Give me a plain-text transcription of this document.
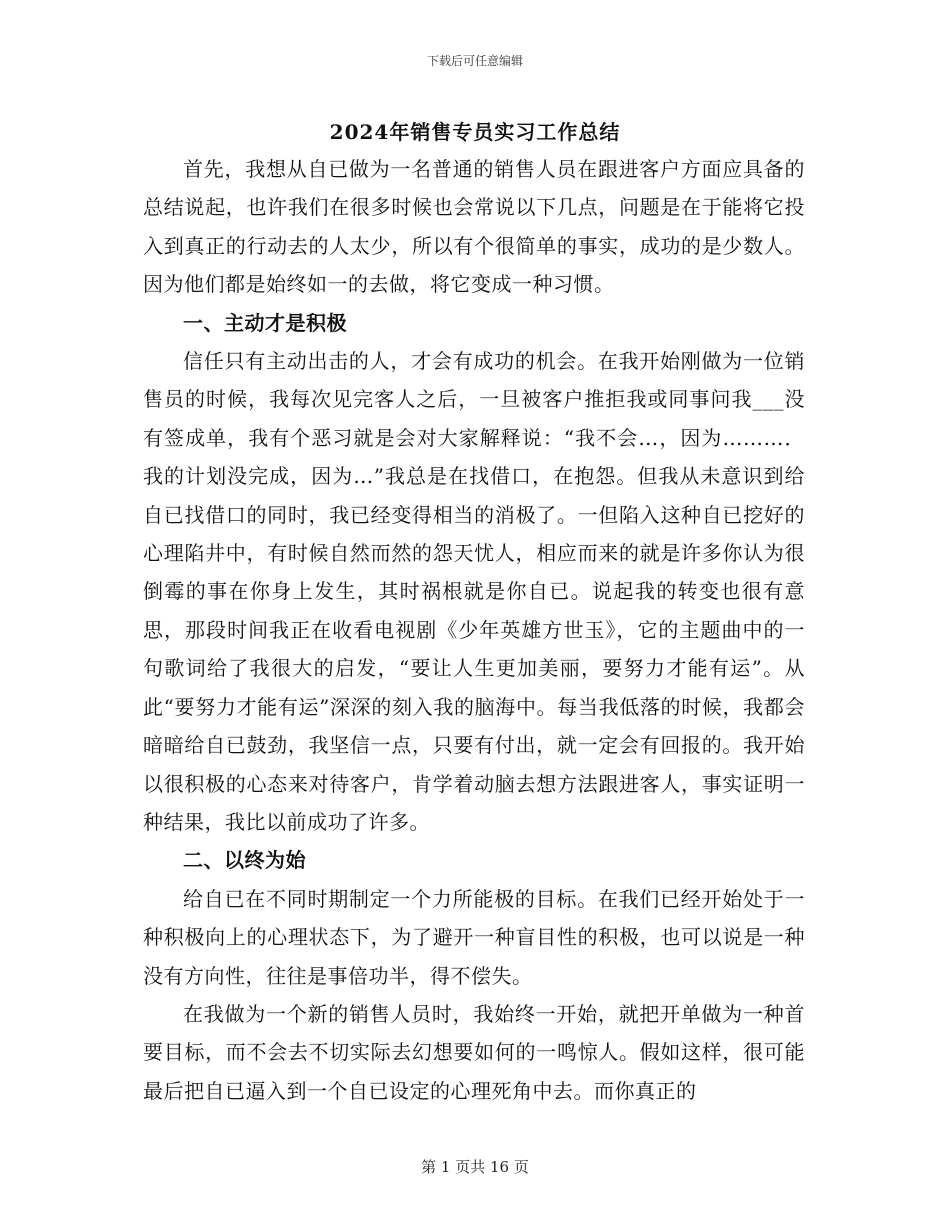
下载后可任意编辑
2024年销售专员实习工作总结

首先，我想从自已做为一名普通的销售人员在跟进客户方面应具备的总结说起，也许我们在很多时候也会常说以下几点，问题是在于能将它投入到真正的行动去的人太少，所以有个很简单的事实，成功的是少数人。因为他们都是始终如一的去做，将它变成一种习惯。

一、主动才是积极

信任只有主动出击的人，才会有成功的机会。在我开始刚做为一位销售员的时候，我每次见完客人之后，一旦被客户推拒我或同事问我___没有签成单，我有个恶习就是会对大家解释说：“我不会…，因为………．我的计划没完成，因为…”我总是在找借口，在抱怨。但我从未意识到给自已找借口的同时，我已经变得相当的消极了。一但陷入这种自已挖好的心理陷井中，有时候自然而然的怨天忧人，相应而来的就是许多你认为很倒霉的事在你身上发生，其时祸根就是你自已。说起我的转变也很有意思，那段时间我正在收看电视剧《少年英雄方世玉》，它的主题曲中的一句歌词给了我很大的启发，“要让人生更加美丽，要努力才能有运”。从此“要努力才能有运”深深的刻入我的脑海中。每当我低落的时候，我都会暗暗给自已鼓劲，我坚信一点，只要有付出，就一定会有回报的。我开始以很积极的心态来对待客户，肯学着动脑去想方法跟进客人，事实证明一种结果，我比以前成功了许多。

二、以终为始

给自已在不同时期制定一个力所能极的目标。在我们已经开始处于一种积极向上的心理状态下，为了避开一种盲目性的积极，也可以说是一种没有方向性，往往是事倍功半，得不偿失。

在我做为一个新的销售人员时，我始终一开始，就把开单做为一种首要目标，而不会去不切实际去幻想要如何的一鸣惊人。假如这样，很可能最后把自已逼入到一个自已设定的心理死角中去。而你真正的

第 1 页共 16 页
